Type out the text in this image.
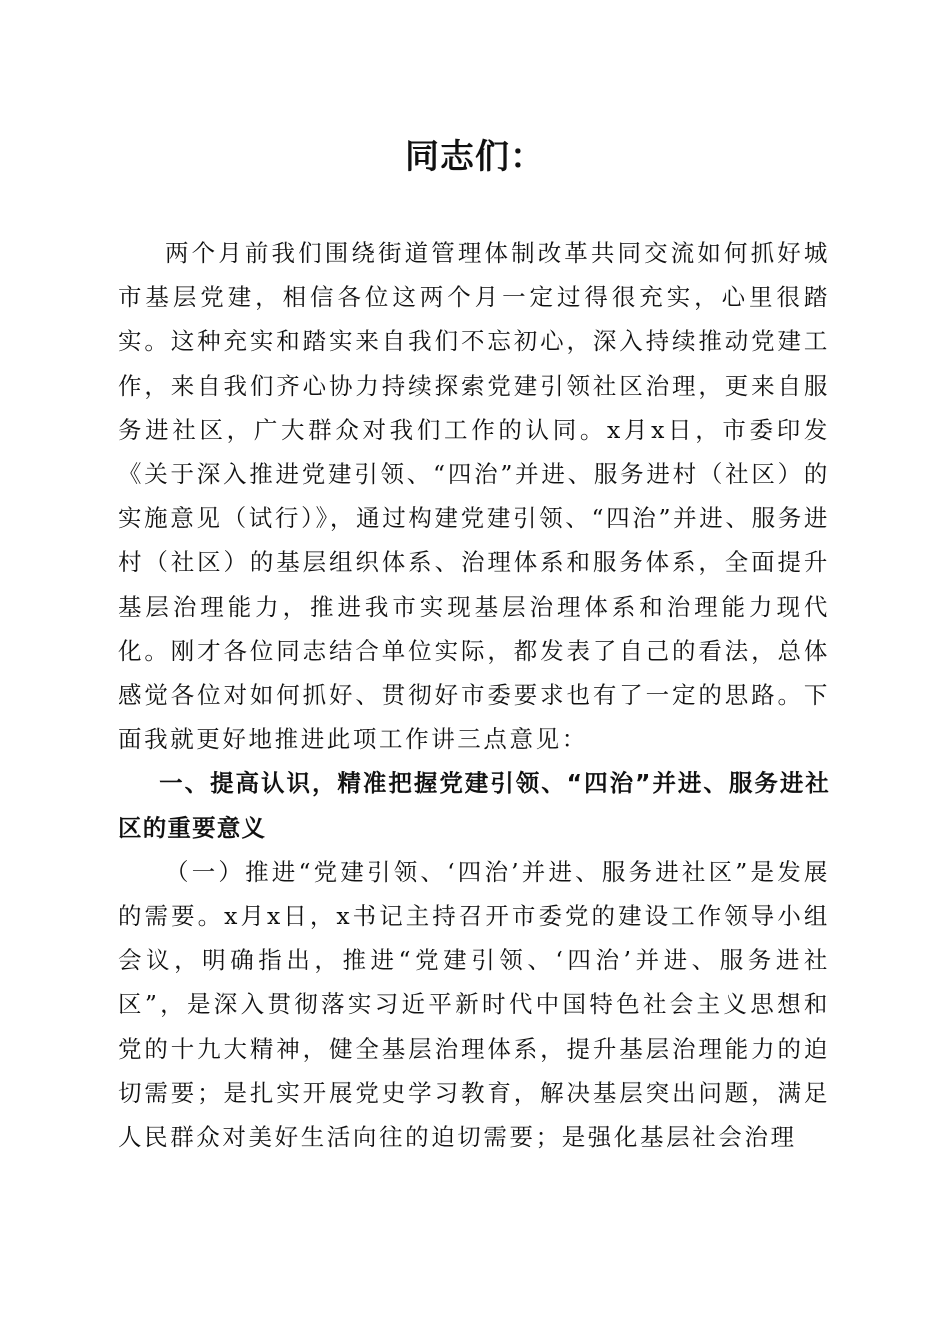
同志们：

两个月前我们围绕街道管理体制改革共同交流如何抓好城市基层党建，相信各位这两个月一定过得很充实，心里很踏实。这种充实和踏实来自我们不忘初心，深入持续推动党建工作，来自我们齐心协力持续探索党建引领社区治理，更来自服务进社区，广大群众对我们工作的认同。x月x日，市委印发《关于深入推进党建引领、“四治”并进、服务进村（社区）的实施意见（试行）》，通过构建党建引领、“四治”并进、服务进村（社区）的基层组织体系、治理体系和服务体系，全面提升基层治理能力，推进我市实现基层治理体系和治理能力现代化。刚才各位同志结合单位实际，都发表了自己的看法，总体感觉各位对如何抓好、贯彻好市委要求也有了一定的思路。下面我就更好地推进此项工作讲三点意见：

一、提高认识，精准把握党建引领、“四治”并进、服务进社区的重要意义

（一）推进“党建引领、‘四治’并进、服务进社区”是发展的需要。x月x日，x书记主持召开市委党的建设工作领导小组会议，明确指出，推进“党建引领、‘四治’并进、服务进社区”，是深入贯彻落实习近平新时代中国特色社会主义思想和党的十九大精神，健全基层治理体系，提升基层治理能力的迫切需要；是扎实开展党史学习教育，解决基层突出问题，满足人民群众对美好生活向往的迫切需要；是强化基层社会治理
